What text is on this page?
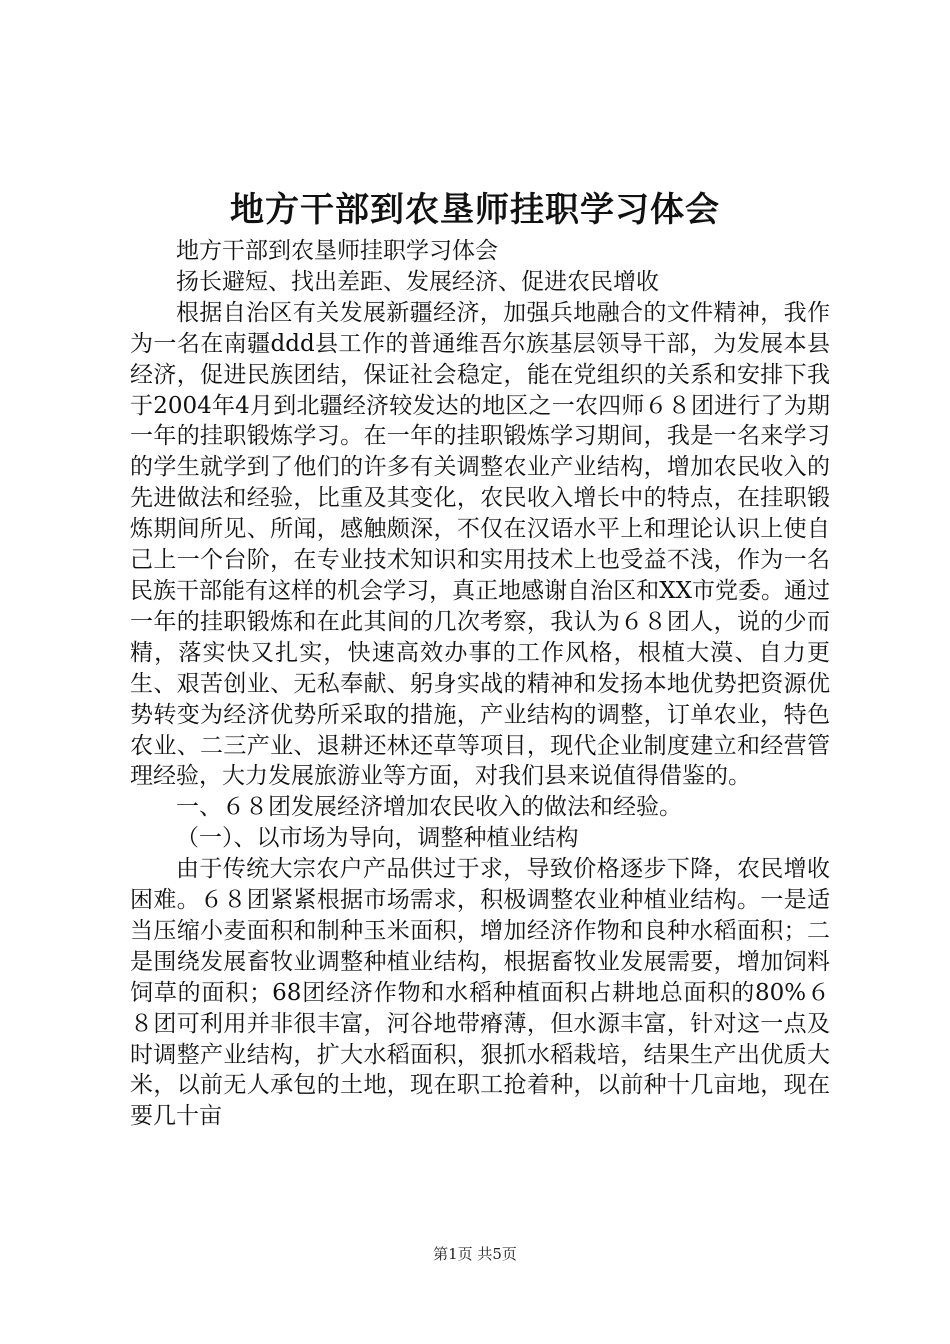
地方干部到农垦师挂职学习体会

地方干部到农垦师挂职学习体会

扬长避短、找出差距、发展经济、促进农民增收

根据自治区有关发展新疆经济，加强兵地融合的文件精神，我作为一名在南疆ddd县工作的普通维吾尔族基层领导干部，为发展本县经济，促进民族团结，保证社会稳定，能在党组织的关系和安排下我于2004年4月到北疆经济较发达的地区之一农四师６８团进行了为期一年的挂职锻炼学习。在一年的挂职锻炼学习期间，我是一名来学习的学生就学到了他们的许多有关调整农业产业结构，增加农民收入的先进做法和经验，比重及其变化，农民收入增长中的特点，在挂职锻炼期间所见、所闻，感触颇深，不仅在汉语水平上和理论认识上使自己上一个台阶，在专业技术知识和实用技术上也受益不浅，作为一名民族干部能有这样的机会学习，真正地感谢自治区和XX市党委。通过一年的挂职锻炼和在此其间的几次考察，我认为６８团人，说的少而精，落实快又扎实，快速高效办事的工作风格，根植大漠、自力更生、艰苦创业、无私奉献、躬身实战的精神和发扬本地优势把资源优势转变为经济优势所采取的措施，产业结构的调整，订单农业，特色农业、二三产业、退耕还林还草等项目，现代企业制度建立和经营管理经验，大力发展旅游业等方面，对我们县来说值得借鉴的。

一、６８团发展经济增加农民收入的做法和经验。

（一）、以市场为导向，调整种植业结构

由于传统大宗农户产品供过于求，导致价格逐步下降，农民增收困难。６８团紧紧根据市场需求，积极调整农业种植业结构。一是适当压缩小麦面积和制种玉米面积，增加经济作物和良种水稻面积；二是围绕发展畜牧业调整种植业结构，根据畜牧业发展需要，增加饲料饲草的面积；68团经济作物和水稻种植面积占耕地总面积的80%６８团可利用并非很丰富，河谷地带瘠薄，但水源丰富，针对这一点及时调整产业结构，扩大水稻面积，狠抓水稻栽培，结果生产出优质大米，以前无人承包的土地，现在职工抢着种，以前种十几亩地，现在要几十亩

第1页 共5页
